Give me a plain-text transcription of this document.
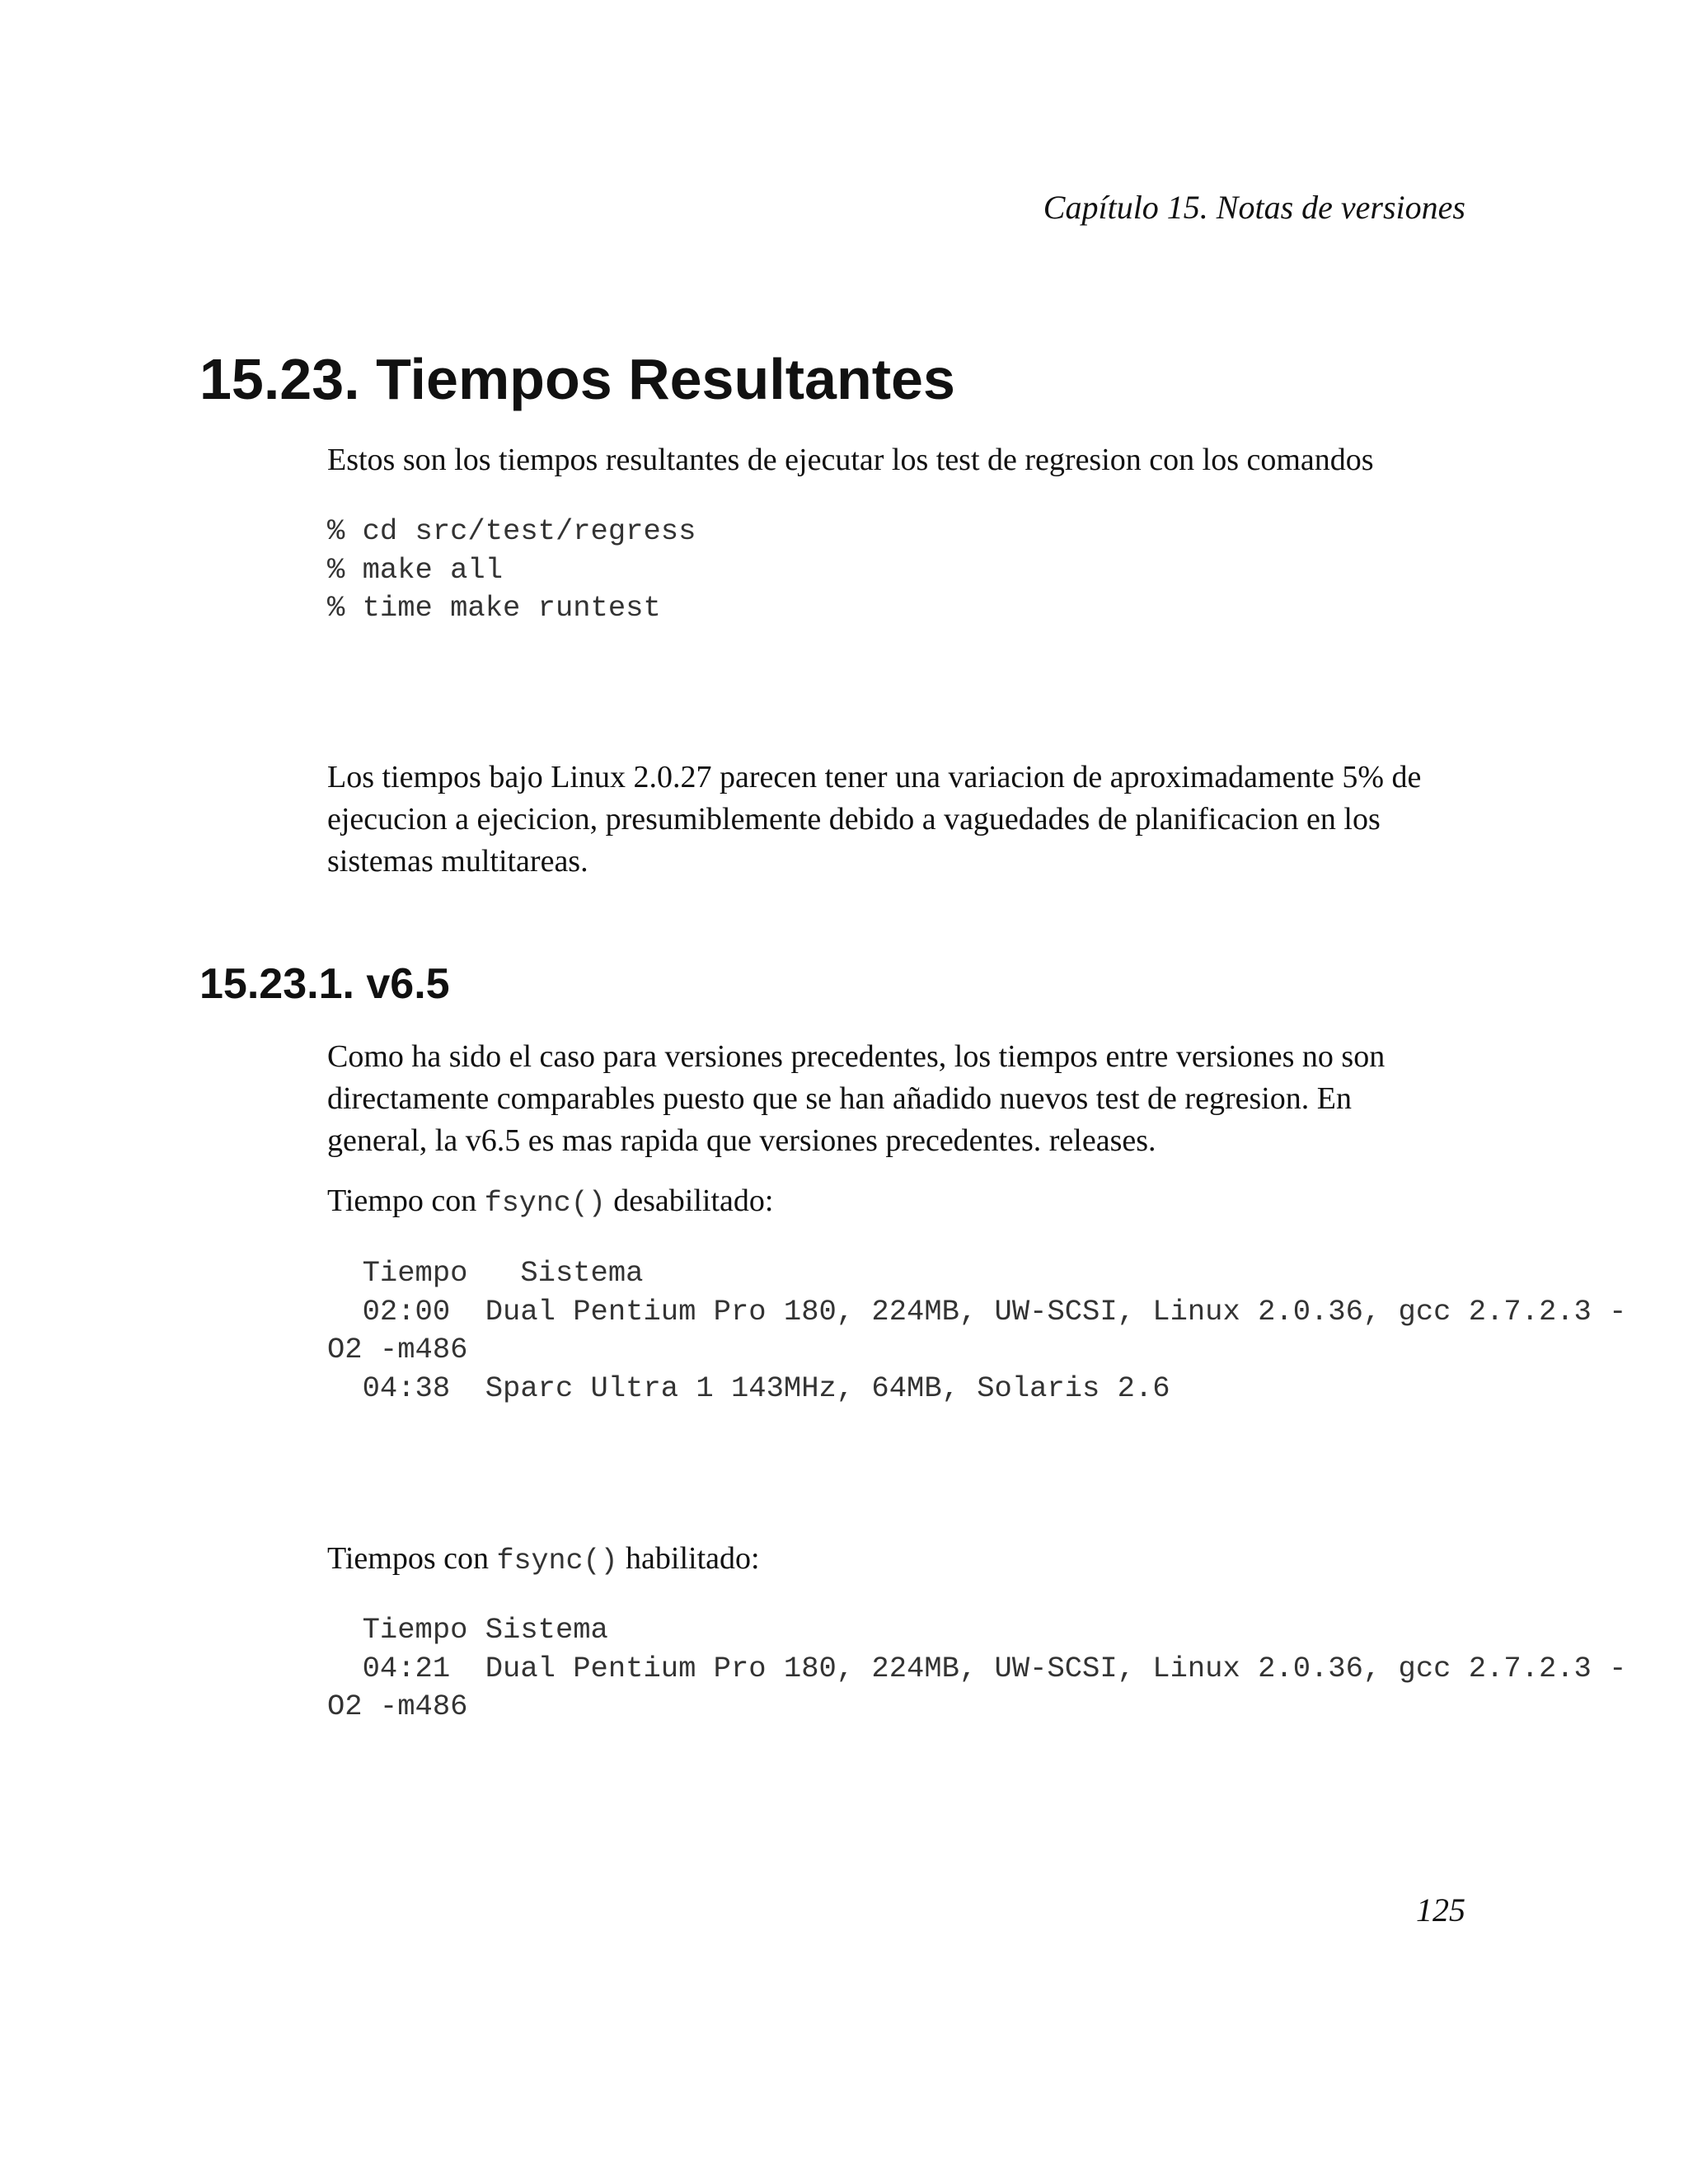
Capítulo 15. Notas de versiones
15.23. Tiempos Resultantes

Estos son los tiempos resultantes de ejecutar los test de regresion con los comandos

% cd src/test/regress
% make all
% time make runtest

Los tiempos bajo Linux 2.0.27 parecen tener una variacion de aproximadamente 5% de
ejecucion a ejecicion, presumiblemente debido a vaguedades de planificacion en los
sistemas multitareas.

15.23.1. v6.5

Como ha sido el caso para versiones precedentes, los tiempos entre versiones no son
directamente comparables puesto que se han añadido nuevos test de regresion. En
general, la v6.5 es mas rapida que versiones precedentes. releases.

Tiempo con fsync() desabilitado:

Tiempo   Sistema
02:00  Dual Pentium Pro 180, 224MB, UW-SCSI, Linux 2.0.36, gcc 2.7.2.3 -
O2 -m486
04:38  Sparc Ultra 1 143MHz, 64MB, Solaris 2.6

Tiempos con fsync() habilitado:

Tiempo Sistema
04:21  Dual Pentium Pro 180, 224MB, UW-SCSI, Linux 2.0.36, gcc 2.7.2.3 -
O2 -m486
125
